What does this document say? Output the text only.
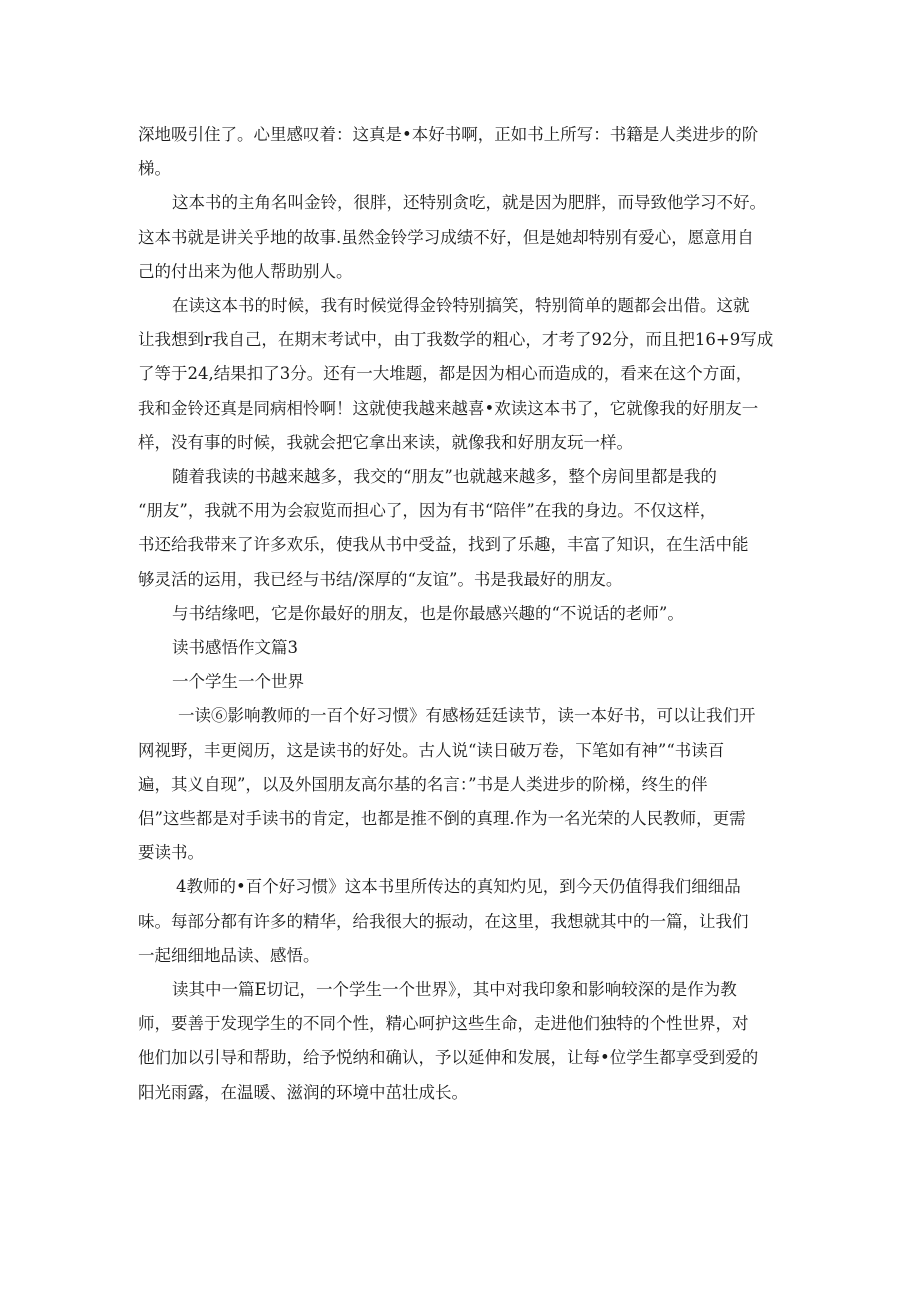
深地吸引住了。心里感叹着：这真是•本好书啊，正如书上所写：书籍是人类进步的阶
梯。
这本书的主角名叫金铃，很胖，还特别贪吃，就是因为肥胖，而导致他学习不好。
这本书就是讲关乎地的故事.虽然金铃学习成绩不好，但是她却特别有爱心，愿意用自
己的付出来为他人帮助别人。
在读这本书的时候，我有时候觉得金铃特别搞笑，特别简单的题都会出借。这就
让我想到r我自己，在期末考试中，由丁我数学的粗心，才考了92分，而且把16+9写成
了等于24,结果扣了3分。还有一大堆题，都是因为相心而造成的，看来在这个方面，
我和金铃还真是同病相怜啊！这就使我越来越喜•欢读这本书了，它就像我的好朋友一
样，没有事的时候，我就会把它拿出来读，就像我和好朋友玩一样。
随着我读的书越来越多，我交的“朋友”也就越来越多，整个房间里都是我的
“朋友”，我就不用为会寂览而担心了，因为有书“陪伴”在我的身边。不仅这样，
书还给我带来了许多欢乐，使我从书中受益，找到了乐趣，丰富了知识，在生活中能
够灵活的运用，我已经与书结/深厚的“友谊”。书是我最好的朋友。
与书结缘吧，它是你最好的朋友，也是你最感兴趣的“不说话的老师”。
读书感悟作文篇3
一个学生一个世界
一读⑥影响教师的一百个好习惯》有感杨廷廷读节，读一本好书，可以让我们开
网视野，丰更阅历，这是读书的好处。古人说“读日破万卷，下笔如有神”“书读百
遍，其义自现”，以及外国朋友高尔基的名言：”书是人类进步的阶梯，终生的伴
侣”这些都是对手读书的肯定，也都是推不倒的真理.作为一名光荣的人民教师，更需
要读书。
4教师的•百个好习惯》这本书里所传达的真知灼见，到今天仍值得我们细细品
味。每部分都有许多的精华，给我很大的振动，在这里，我想就其中的一篇，让我们
一起细细地品读、感悟。
读其中一篇E切记，一个学生一个世界》，其中对我印象和影响较深的是作为教
师，要善于发现学生的不同个性，精心呵护这些生命，走进他们独特的个性世界，对
他们加以引导和帮助，给予悦纳和确认，予以延伸和发展，让每•位学生都享受到爱的
阳光雨露，在温暖、滋润的环境中茁壮成长。
